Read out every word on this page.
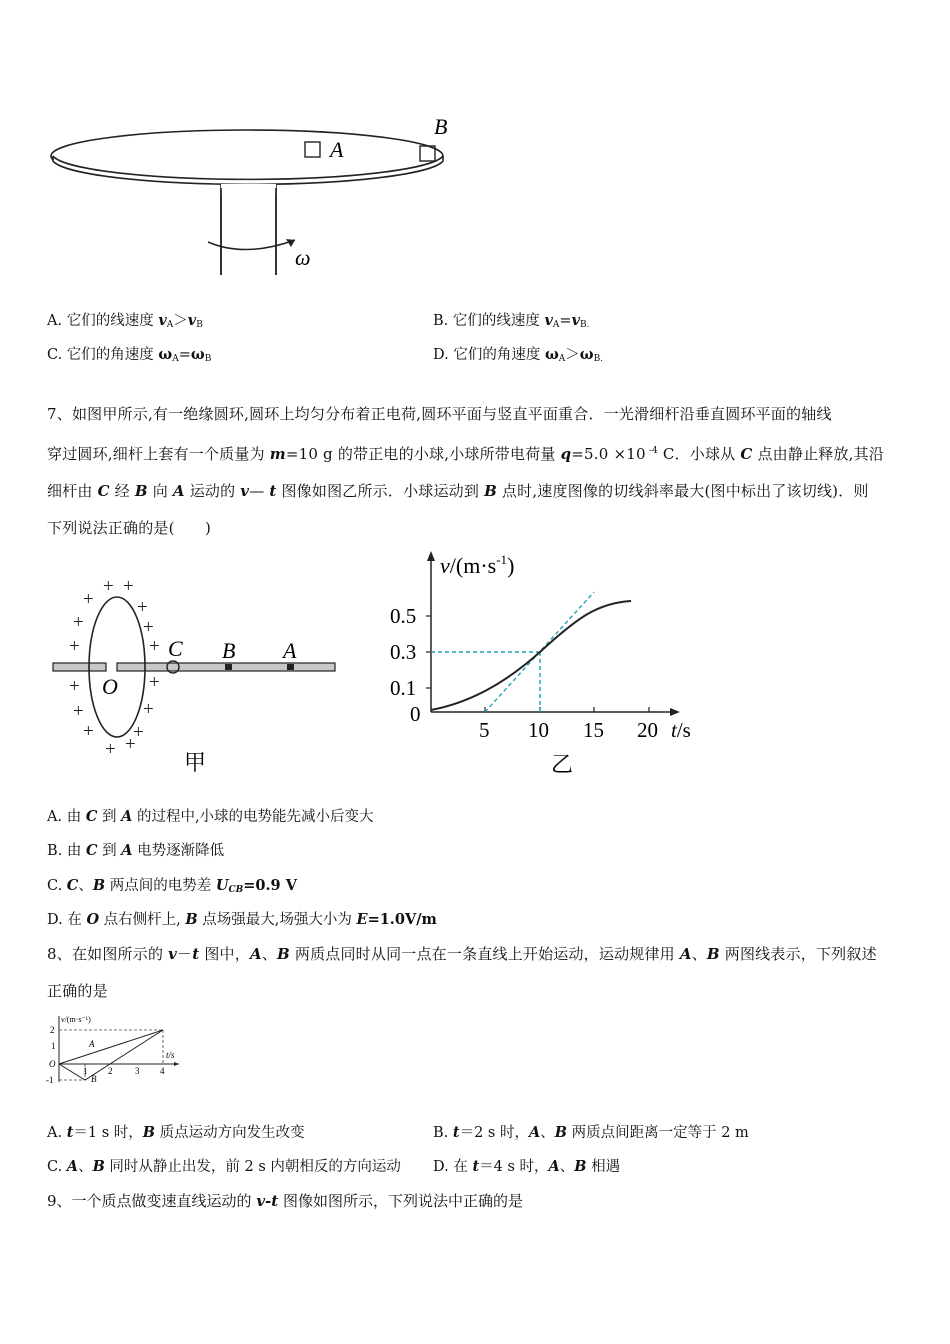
A
B
ω
A. 它们的线速度 $v_A>v_B$	B. 它们的线速度 $v_A=v_{B.}$
C. 它们的角速度 $\omega_A=\omega_B$	D. 它们的角速度 $\omega_A>\omega_{B.}$
7、如图甲所示,有一绝缘圆环,圆环上均匀分布着正电荷,圆环平面与竖直平面重合．一光滑细杆沿垂直圆环平面的轴线
穿过圆环,细杆上套有一个质量为 m=10 g 的带正电的小球,小球所带电荷量 q=5.0 ×10 $^{-4}$ C．小球从 C 点由静止释放,其沿
细杆由 C 经 B 向 A 运动的 v— t 图像如图乙所示．小球运动到 B 点时,速度图像的切线斜率最大(图中标出了该切线)．则
下列说法正确的是(　　)
+ +
+ +
+	+
+	+
+	+
+	+
+ +
+ +
C B A
O
甲
$v/(m\cdot s^{-1})$
0.5
0.3
0.1
0
5 10 15 20 t/s
乙
A. 由 C 到 A 的过程中,小球的电势能先减小后变大
B. 由 C 到 A 电势逐渐降低
C. C、B 两点间的电势差 $U_{CB}=0.9$ V
D. 在 O 点右侧杆上, B 点场强最大,场强大小为 E=1.0V/m
8、在如图所示的 v－t 图中，A、B 两质点同时从同一点在一条直线上开始运动，运动规律用 A、B 两图线表示，下列叙述
正确的是
v/(m·s⁻¹)
2
1
-1
O
1 2	3 4
t/s
A
B
A. t＝1 s 时，B 质点运动方向发生改变	B. t＝2 s 时，A、B 两质点间距离一定等于 2 m
C. A、B 同时从静止出发，前 2 s 内朝相反的方向运动 D. 在 t＝4 s 时，A、B 相遇
9、一个质点做变速直线运动的 v-t 图像如图所示，下列说法中正确的是
